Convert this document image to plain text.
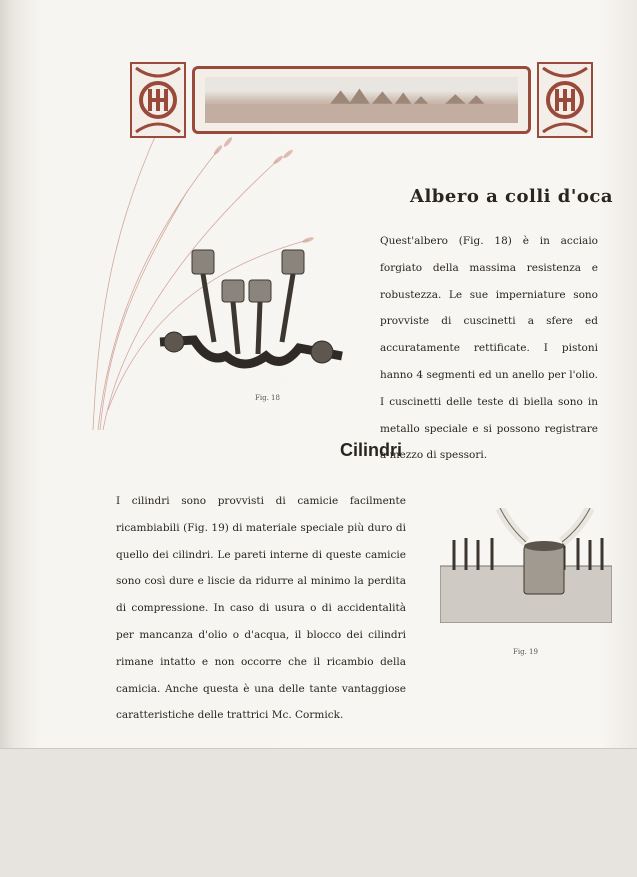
Albero a colli d'oca
Fig. 18
Quest'albero (Fig. 18) è in acciaio forgiato della massima resistenza e robustezza. Le sue imperniature sono provviste di cuscinetti a sfere ed accuratamente rettificate. I pistoni hanno 4 segmenti ed un anello per l'olio. I cuscinetti delle teste di biella sono in metallo speciale e si possono registrare a mezzo di spessori.
Cilindri
I cilindri sono provvisti di camicie facilmente ricambiabili (Fig. 19) di materiale speciale più duro di quello dei cilindri. Le pareti interne di queste camicie sono così dure e liscie da ridurre al minimo la perdita di compressione. In caso di usura o di accidentalità per mancanza d'olio o d'acqua, il blocco dei cilindri rimane intatto e non occorre che il ricambio della camicia. Anche questa è una delle tante vantaggiose caratteristiche delle trattrici Mc. Cormick.
Fig. 19
